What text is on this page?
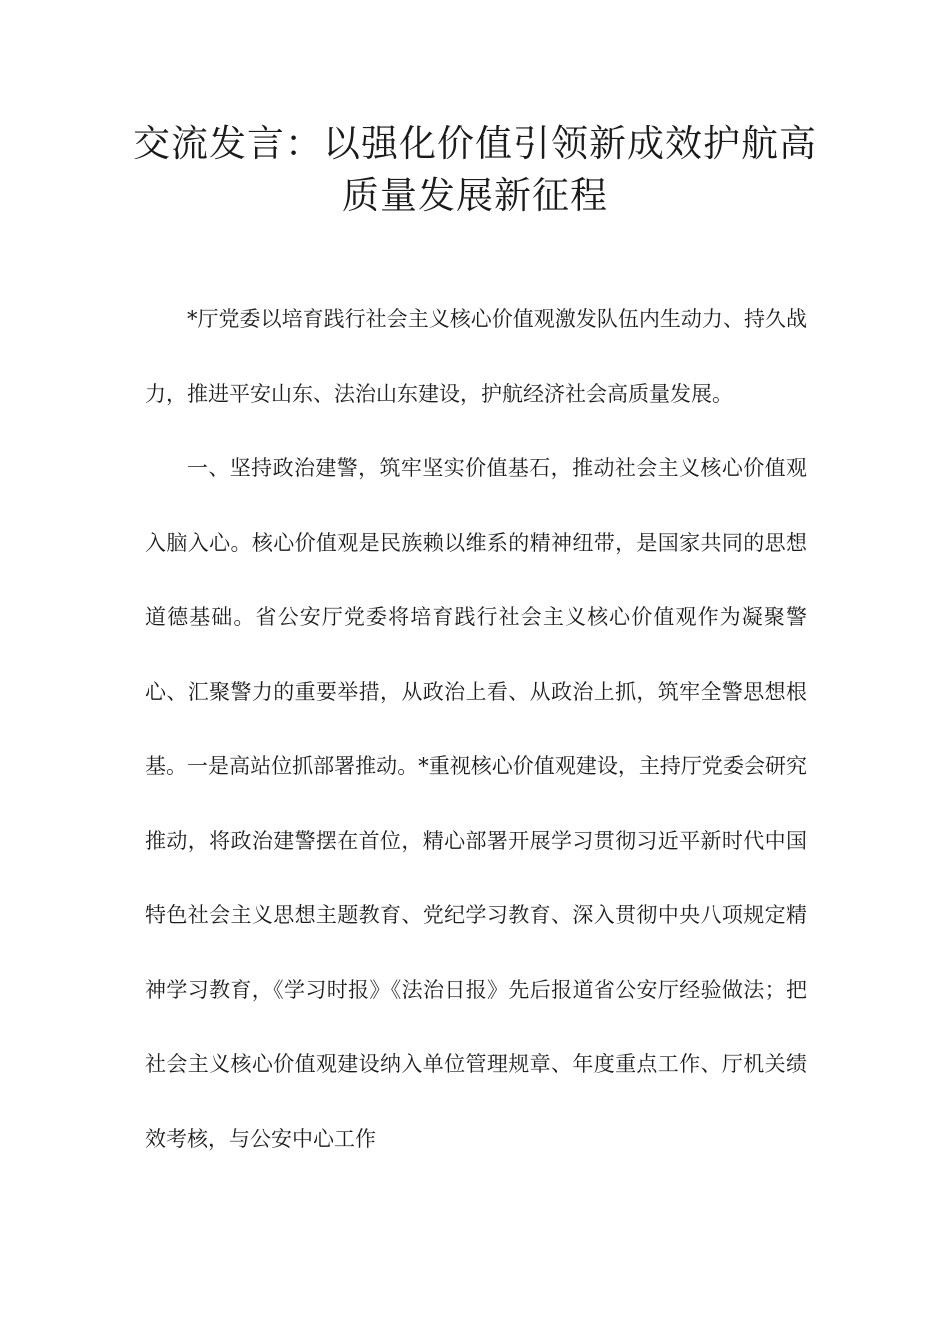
交流发言：以强化价值引领新成效护航高
质量发展新征程

*厅党委以培育践行社会主义核心价值观激发队伍内生动力、持久战力，推进平安山东、法治山东建设，护航经济社会高质量发展。

一、坚持政治建警，筑牢坚实价值基石，推动社会主义核心价值观入脑入心。核心价值观是民族赖以维系的精神纽带，是国家共同的思想道德基础。省公安厅党委将培育践行社会主义核心价值观作为凝聚警心、汇聚警力的重要举措，从政治上看、从政治上抓，筑牢全警思想根基。一是高站位抓部署推动。*重视核心价值观建设，主持厅党委会研究推动，将政治建警摆在首位，精心部署开展学习贯彻习近平新时代中国特色社会主义思想主题教育、党纪学习教育、深入贯彻中央八项规定精神学习教育，《学习时报》《法治日报》先后报道省公安厅经验做法；把社会主义核心价值观建设纳入单位管理规章、年度重点工作、厅机关绩效考核，与公安中心工作
